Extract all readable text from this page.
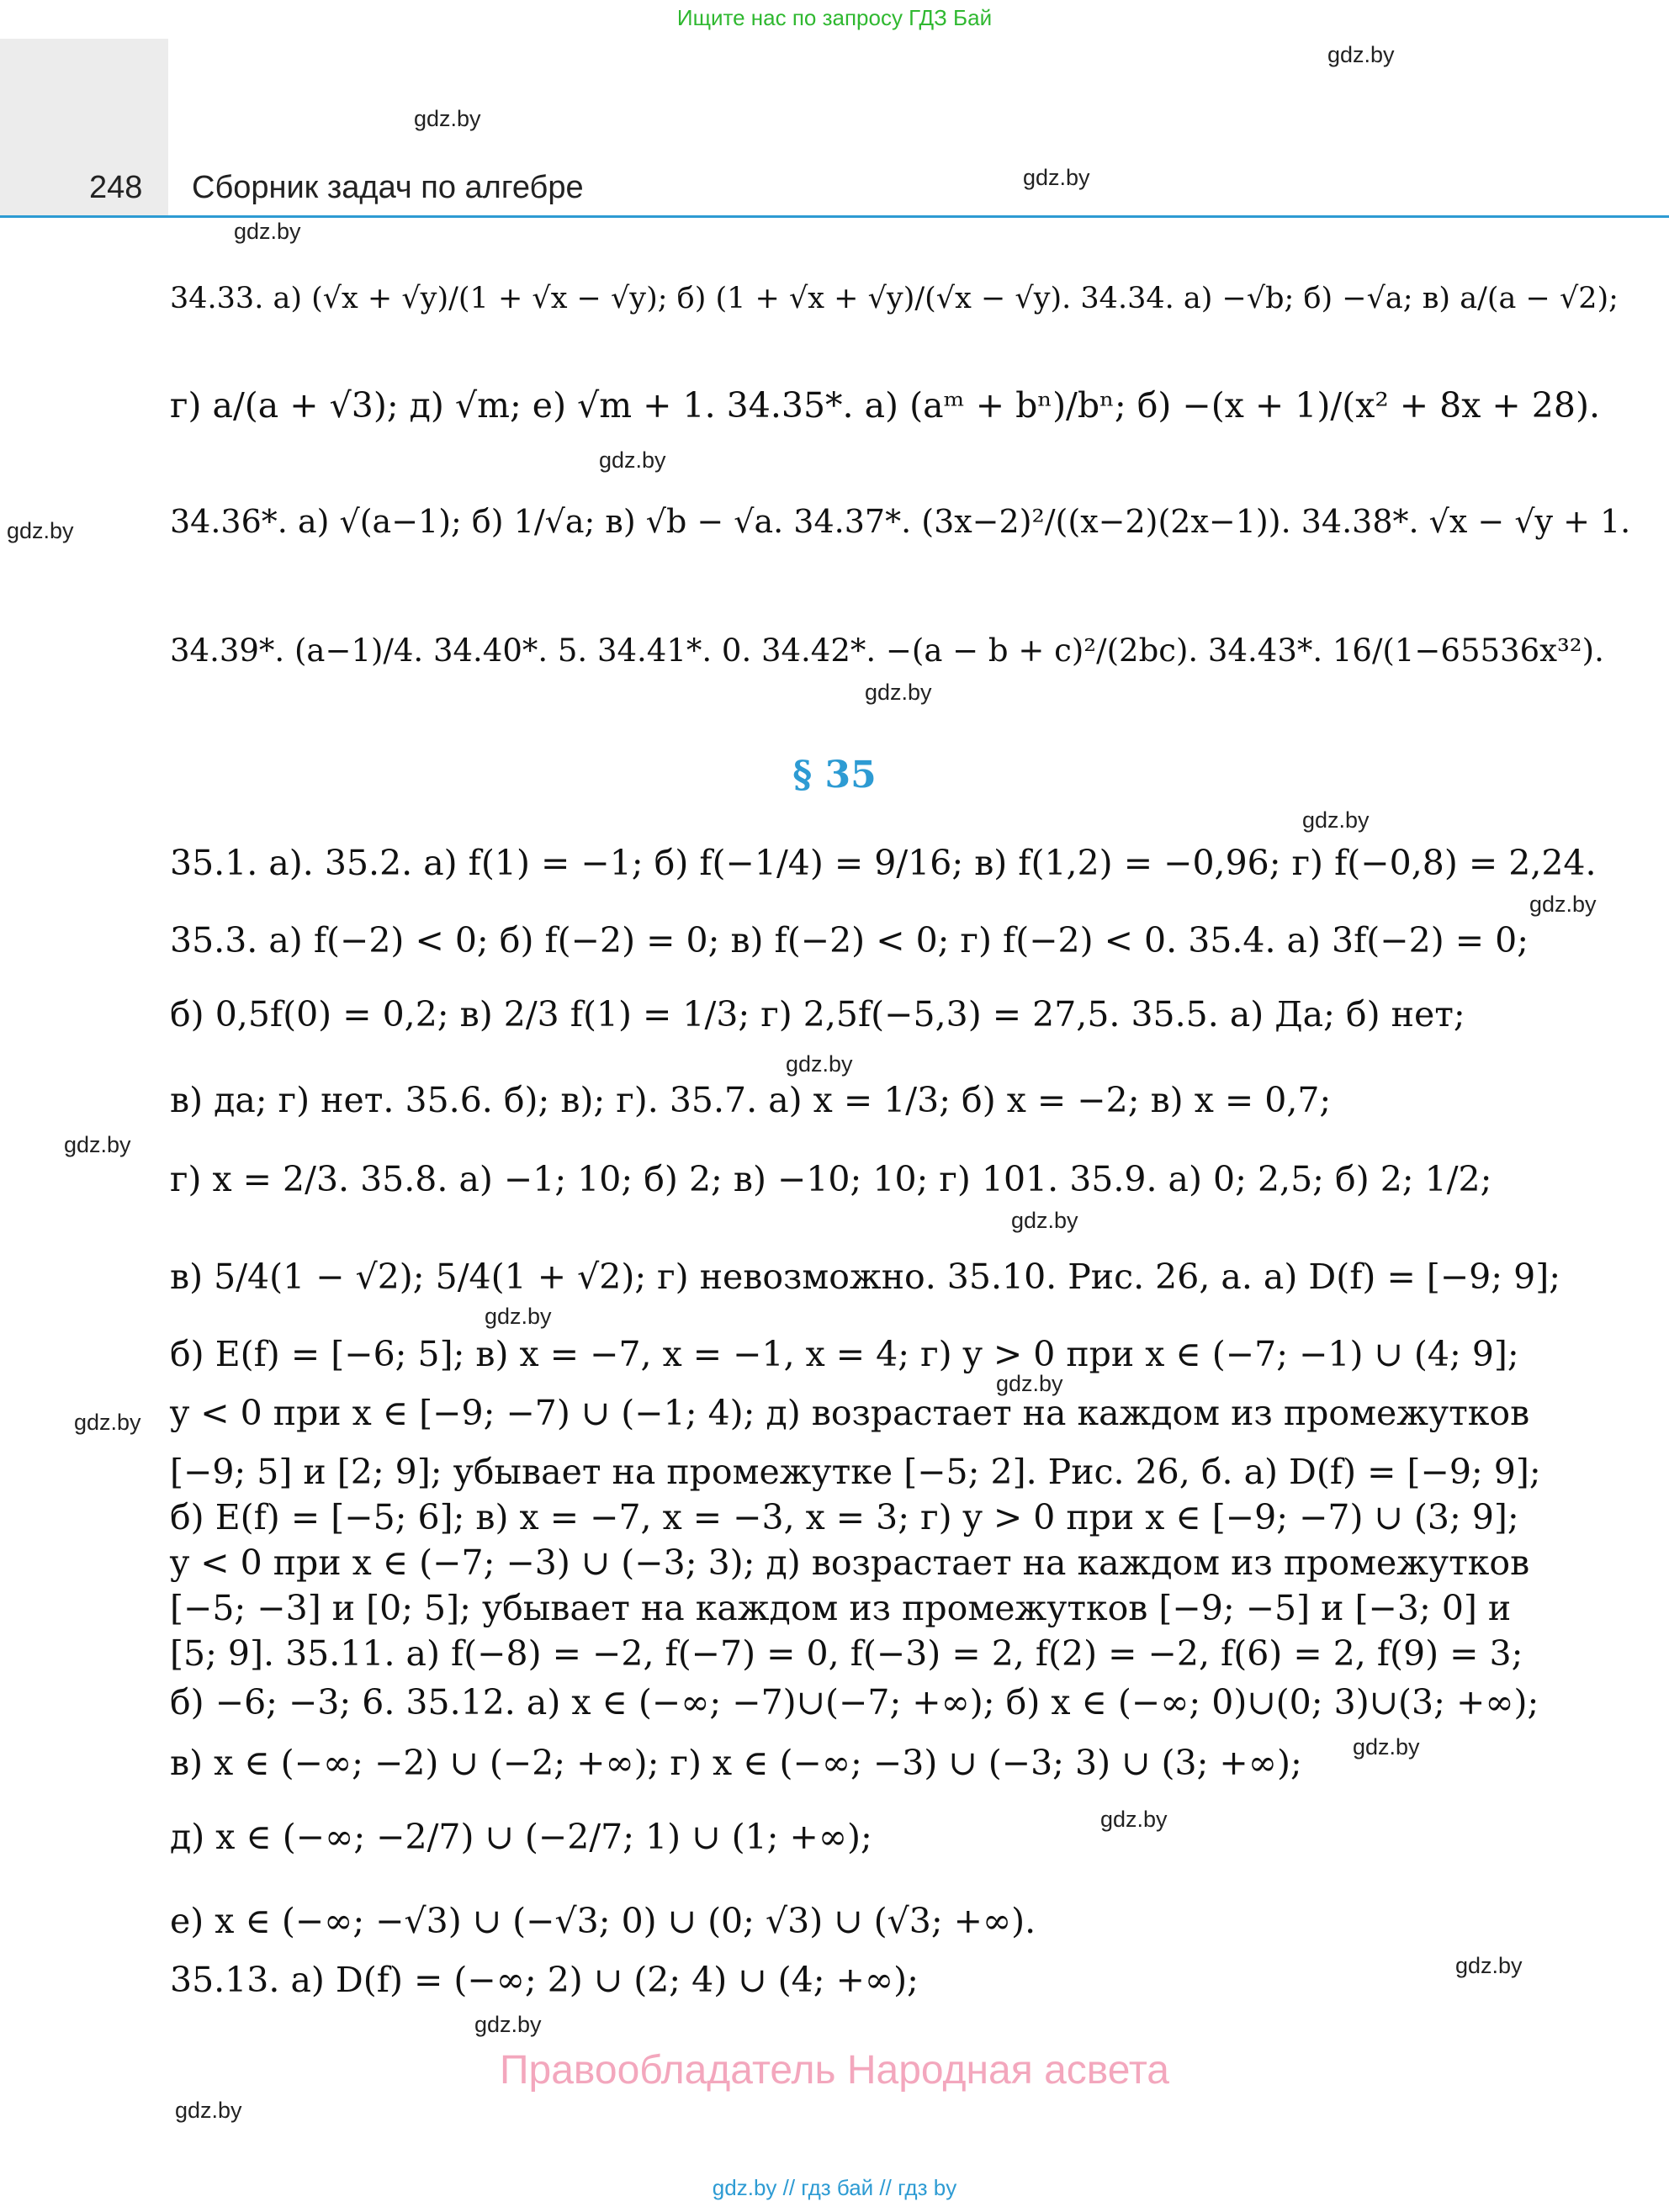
Ищите нас по запросу ГДЗ Бай
248 Сборник задач по алгебре
gdz.by
gdz.by
gdz.by
gdz.by
gdz.by
gdz.by
gdz.by
gdz.by
gdz.by
gdz.by
gdz.by
gdz.by
gdz.by
gdz.by
gdz.by
gdz.by
gdz.by
gdz.by
gdz.by
gdz.by
34.33. а) (√x + √y)/(1 + √x − √y); б) (1 + √x + √y)/(√x − √y). 34.34. а) −√b; б) −√a; в) a/(a − √2);
г) a/(a + √3); д) √m; е) √m + 1. 34.35*. а) (aᵐ + bⁿ)/bⁿ; б) −(x + 1)/(x² + 8x + 28).
34.36*. а) √(a−1); б) 1/√a; в) √b − √a. 34.37*. (3x−2)²/((x−2)(2x−1)). 34.38*. √x − √y + 1.
34.39*. (a−1)/4. 34.40*. 5. 34.41*. 0. 34.42*. −(a − b + c)²/(2bc). 34.43*. 16/(1−65536x³²).
§ 35
35.1. а). 35.2. а) f(1) = −1; б) f(−1/4) = 9/16; в) f(1,2) = −0,96; г) f(−0,8) = 2,24.
35.3. а) f(−2) < 0; б) f(−2) = 0; в) f(−2) < 0; г) f(−2) < 0. 35.4. а) 3f(−2) = 0;
б) 0,5f(0) = 0,2; в) 2/3 f(1) = 1/3; г) 2,5f(−5,3) = 27,5. 35.5. а) Да; б) нет;
в) да; г) нет. 35.6. б); в); г). 35.7. а) x = 1/3; б) x = −2; в) x = 0,7;
г) x = 2/3. 35.8. а) −1; 10; б) 2; в) −10; 10; г) 101. 35.9. а) 0; 2,5; б) 2; 1/2;
в) 5/4(1 − √2); 5/4(1 + √2); г) невозможно. 35.10. Рис. 26, а. а) D(f) = [−9; 9];
б) E(f) = [−6; 5]; в) x = −7, x = −1, x = 4; г) y > 0 при x ∈ (−7; −1) ∪ (4; 9];
y < 0 при x ∈ [−9; −7) ∪ (−1; 4); д) возрастает на каждом из промежутков
[−9; 5] и [2; 9]; убывает на промежутке [−5; 2]. Рис. 26, б. а) D(f) = [−9; 9];
б) E(f) = [−5; 6]; в) x = −7, x = −3, x = 3; г) y > 0 при x ∈ [−9; −7) ∪ (3; 9];
y < 0 при x ∈ (−7; −3) ∪ (−3; 3); д) возрастает на каждом из промежутков
[−5; −3] и [0; 5]; убывает на каждом из промежутков [−9; −5] и [−3; 0] и
[5; 9]. 35.11. а) f(−8) = −2, f(−7) = 0, f(−3) = 2, f(2) = −2, f(6) = 2, f(9) = 3;
б) −6; −3; 6. 35.12. а) x ∈ (−∞; −7)∪(−7; +∞); б) x ∈ (−∞; 0)∪(0; 3)∪(3; +∞);
в) x ∈ (−∞; −2) ∪ (−2; +∞); г) x ∈ (−∞; −3) ∪ (−3; 3) ∪ (3; +∞);
д) x ∈ (−∞; −2/7) ∪ (−2/7; 1) ∪ (1; +∞);
е) x ∈ (−∞; −√3) ∪ (−√3; 0) ∪ (0; √3) ∪ (√3; +∞).
35.13. а) D(f) = (−∞; 2) ∪ (2; 4) ∪ (4; +∞);
Правообладатель Народная асвета
gdz.by // гдз бай // гдз by
